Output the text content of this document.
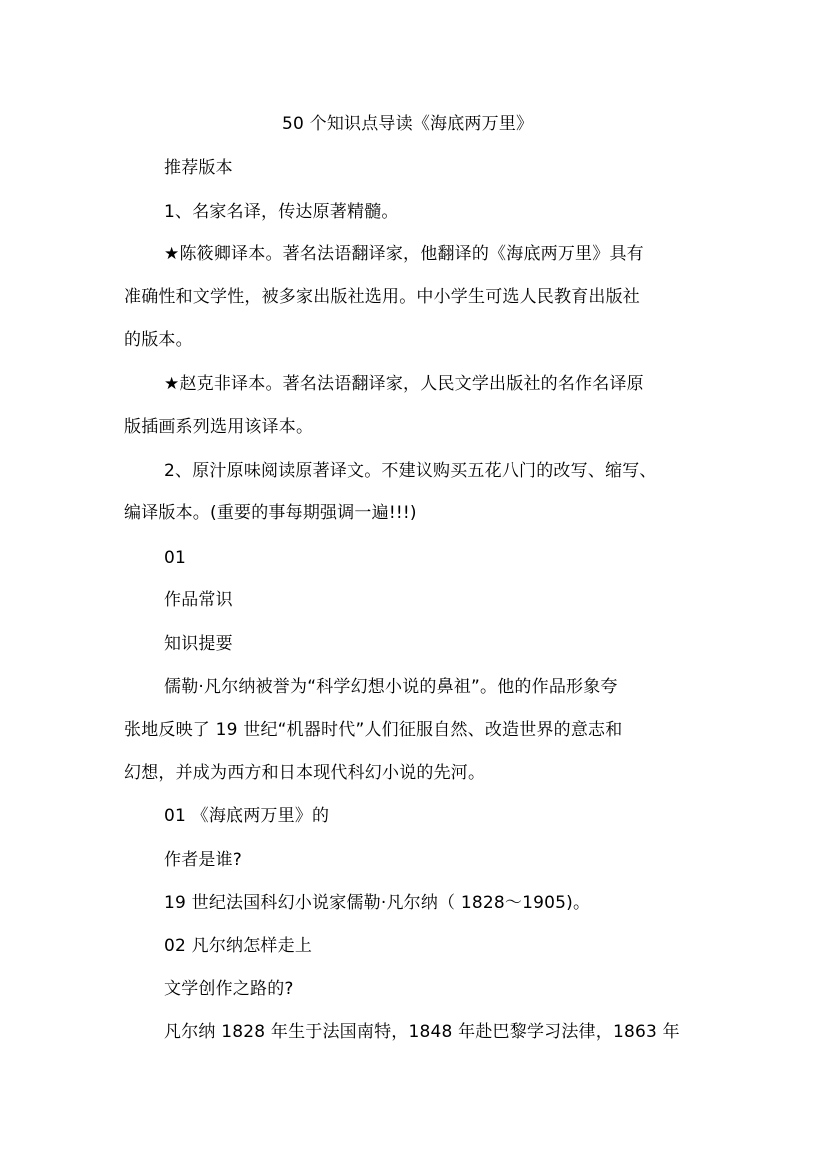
50 个知识点导读《海底两万里》
推荐版本
1、名家名译，传达原著精髓。
★陈筱卿译本。著名法语翻译家，他翻译的《海底两万里》具有
准确性和文学性，被多家出版社选用。中小学生可选人民教育出版社
的版本。
★赵克非译本。著名法语翻译家，人民文学出版社的名作名译原
版插画系列选用该译本。
2、原汁原味阅读原著译文。不建议购买五花八门的改写、缩写、
编译版本。(重要的事每期强调一遍!!!)
01
作品常识
知识提要
儒勒·凡尔纳被誉为“科学幻想小说的鼻祖”。他的作品形象夸
张地反映了 19 世纪“机器时代”人们征服自然、改造世界的意志和
幻想，并成为西方和日本现代科幻小说的先河。
01 《海底两万里》的
作者是谁?
19 世纪法国科幻小说家儒勒·凡尔纳（ 1828～1905)。
02 凡尔纳怎样走上
文学创作之路的?
凡尔纳 1828 年生于法国南特，1848 年赴巴黎学习法律，1863 年
